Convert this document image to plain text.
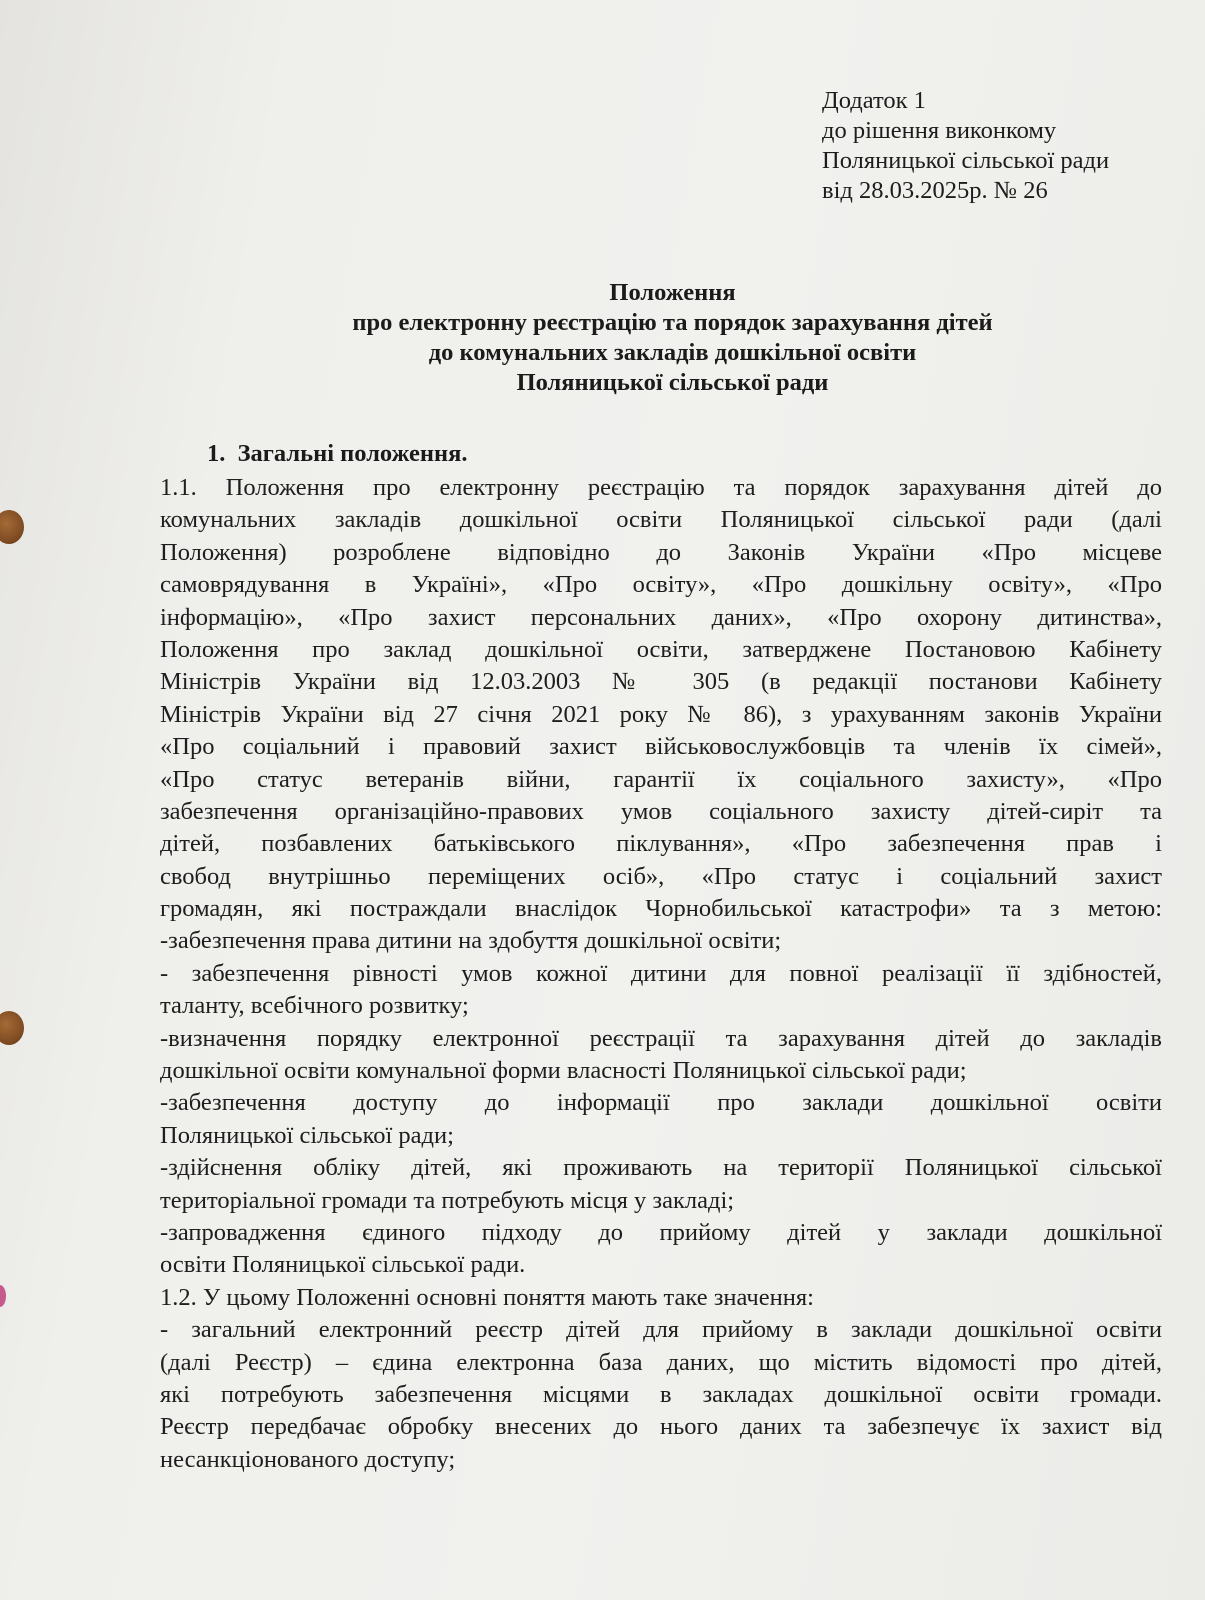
Додаток 1
до рішення виконкому
Поляницької сільської ради
від 28.03.2025р. № 26
Положення
про електронну реєстрацію та порядок зарахування дітей
до комунальних закладів дошкільної освіти
Поляницької сільської ради
1. Загальні положення.
1.1. Положення про електронну реєстрацію та порядок зарахування дітей до
комунальних закладів дошкільної освіти Поляницької сільської ради (далі
Положення) розроблене відповідно до Законів України «Про місцеве
самоврядування в Україні», «Про освіту», «Про дошкільну освіту», «Про
інформацію», «Про захист персональних даних», «Про охорону дитинства»,
Положення про заклад дошкільної освіти, затверджене Постановою Кабінету
Міністрів України від 12.03.2003 № 305 (в редакції постанови Кабінету
Міністрів України від 27 січня 2021 року № 86), з урахуванням законів України
«Про соціальний і правовий захист військовослужбовців та членів їх сімей»,
«Про статус ветеранів війни, гарантії їх соціального захисту», «Про
забезпечення організаційно-правових умов соціального захисту дітей-сиріт та
дітей, позбавлених батьківського піклування», «Про забезпечення прав і
свобод внутрішньо переміщених осіб», «Про статус і соціальний захист
громадян, які постраждали внаслідок Чорнобильської катастрофи» та з метою:
-забезпечення права дитини на здобуття дошкільної освіти;
- забезпечення рівності умов кожної дитини для повної реалізації її здібностей,
таланту, всебічного розвитку;
-визначення порядку електронної реєстрації та зарахування дітей до закладів
дошкільної освіти комунальної форми власності Поляницької сільської ради;
-забезпечення доступу до інформації про заклади дошкільної освіти
Поляницької сільської ради;
-здійснення обліку дітей, які проживають на території Поляницької сільської
територіальної громади та потребують місця у закладі;
-запровадження єдиного підходу до прийому дітей у заклади дошкільної
освіти Поляницької сільської ради.
1.2. У цьому Положенні основні поняття мають таке значення:
- загальний електронний реєстр дітей для прийому в заклади дошкільної освіти
(далі Реєстр) – єдина електронна база даних, що містить відомості про дітей,
які потребують забезпечення місцями в закладах дошкільної освіти громади.
Реєстр передбачає обробку внесених до нього даних та забезпечує їх захист від
несанкціонованого доступу;
